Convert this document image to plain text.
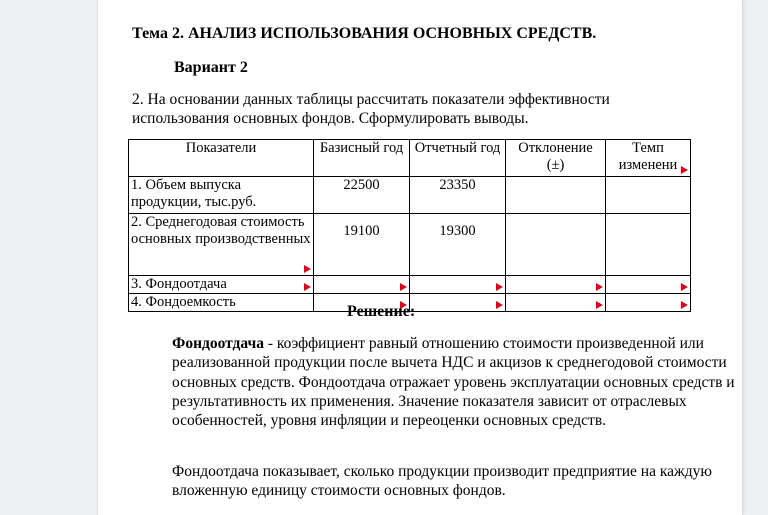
Тема 2. АНАЛИЗ ИСПОЛЬЗОВАНИЯ ОСНОВНЫХ СРЕДСТВ.
Вариант 2
2. На основании данных таблицы рассчитать показатели эффективности использования основных фондов. Сформулировать выводы.
Показатели	Базисный год	Отчетный год	Отклонение (±)	Темп изменени

1. Объем выпуска продукции, тыс.руб.	22500	23350		
2. Среднегодовая стоимость основных производственных	19100	19300		
3. Фондоотдача

4. Фондоемкость	

Решение:
Фондоотдача - коэффициент равный отношению стоимости произведенной или реализованной продукции после вычета НДС и акцизов к среднегодовой стоимости основных средств. Фондоотдача отражает уровень эксплуатации основных средств и результативность их применения. Значение показателя зависит от отраслевых особенностей, уровня инфляции и переоценки основных средств.
Фондоотдача показывает, сколько продукции производит предприятие на каждую вложенную единицу стоимости основных фондов.
